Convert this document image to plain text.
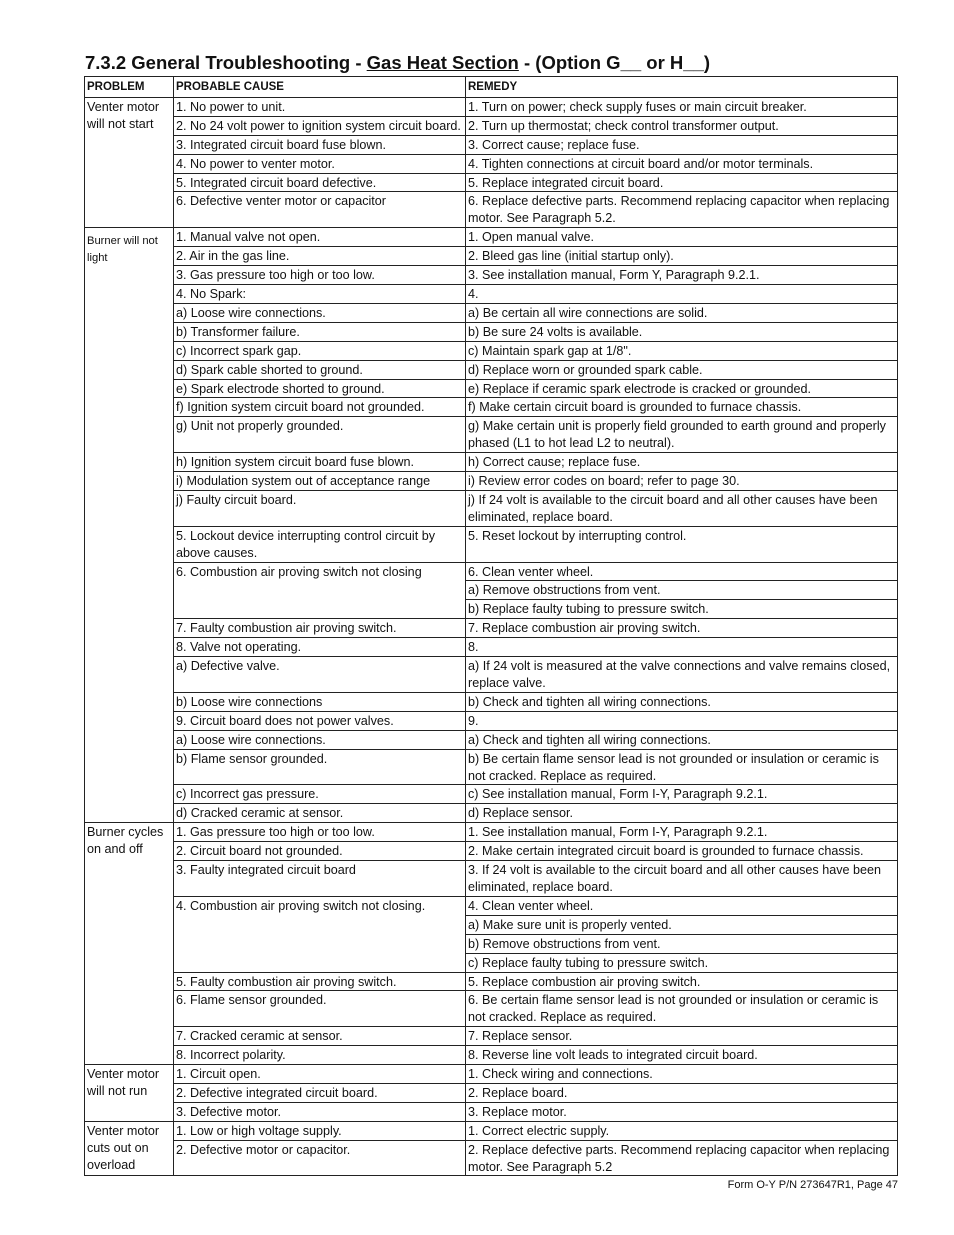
7.3.2 General Troubleshooting - Gas Heat Section - (Option G__ or H__)
PROBLEM	PROBABLE CAUSE	REMEDY
Venter motor will not start	1. No power to unit.	1. Turn on power; check supply fuses or main circuit breaker.
	2. No 24 volt power to ignition system circuit board.	2. Turn up thermostat; check control transformer output.
	3. Integrated circuit board fuse blown.	3. Correct cause; replace fuse.
	4. No power to venter motor.	4. Tighten connections at circuit board and/or motor terminals.
	5. Integrated circuit board defective.	5. Replace integrated circuit board.
	6. Defective venter motor or capacitor	6. Replace defective parts. Recommend replacing capacitor when replacing motor. See Paragraph 5.2.
Burner will not light	1. Manual valve not open.	1. Open manual valve.
	2. Air in the gas line.	2. Bleed gas line (initial startup only).
	3. Gas pressure too high or too low.	3. See installation manual, Form Y, Paragraph 9.2.1.
	4. No Spark:	4.
	a) Loose wire connections.	a) Be certain all wire connections are solid.
	b) Transformer failure.	b) Be sure 24 volts is available.
	c) Incorrect spark gap.	c) Maintain spark gap at 1/8".
	d) Spark cable shorted to ground.	d) Replace worn or grounded spark cable.
	e) Spark electrode shorted to ground.	e) Replace if ceramic spark electrode is cracked or grounded.
	f) Ignition system circuit board not grounded.	f) Make certain circuit board is grounded to furnace chassis.
	g) Unit not properly grounded.	g) Make certain unit is properly field grounded to earth ground and properly phased (L1 to hot lead L2 to neutral).
	h) Ignition system circuit board fuse blown.	h) Correct cause; replace fuse.
	i) Modulation system out of acceptance range	i) Review error codes on board; refer to page 30.
	j) Faulty circuit board.	j) If 24 volt is available to the circuit board and all other causes have been eliminated, replace board.
	5. Lockout device interrupting control circuit by above causes.	5. Reset lockout by interrupting control.
	6. Combustion air proving switch not closing	6. Clean venter wheel.
		a) Remove obstructions from vent.
		b) Replace faulty tubing to pressure switch.
	7. Faulty combustion air proving switch.	7. Replace combustion air proving switch.
	8. Valve not operating.	8.
	a) Defective valve.	a) If 24 volt is measured at the valve connections and valve remains closed, replace valve.
	b) Loose wire connections	b) Check and tighten all wiring connections.
	9. Circuit board does not power valves.	9.
	a) Loose wire connections.	a) Check and tighten all wiring connections.
	b) Flame sensor grounded.	b) Be certain flame sensor lead is not grounded or insulation or ceramic is not cracked. Replace as required.
	c) Incorrect gas pressure.	c) See installation manual, Form I-Y, Paragraph 9.2.1.
	d) Cracked ceramic at sensor.	d) Replace sensor.
Burner cycles on and off	1. Gas pressure too high or too low.	1. See installation manual, Form I-Y, Paragraph 9.2.1.
	2. Circuit board not grounded.	2. Make certain integrated circuit board is grounded to furnace chassis.
	3. Faulty integrated circuit board	3. If 24 volt is available to the circuit board and all other causes have been eliminated, replace board.
	4. Combustion air proving switch not closing.	4. Clean venter wheel.
		a) Make sure unit is properly vented.
		b) Remove obstructions from vent.
		c) Replace faulty tubing to pressure switch.
	5. Faulty combustion air proving switch.	5. Replace combustion air proving switch.
	6. Flame sensor grounded.	6. Be certain flame sensor lead is not grounded or insulation or ceramic is not cracked. Replace as required.
	7. Cracked ceramic at sensor.	7. Replace sensor.
	8. Incorrect polarity.	8. Reverse line volt leads to integrated circuit board.
Venter motor will not run	1. Circuit open.	1. Check wiring and connections.
	2. Defective integrated circuit board.	2. Replace board.
	3. Defective motor.	3. Replace motor.
Venter motor cuts out on overload	1. Low or high voltage supply.	1. Correct electric supply.
	2. Defective motor or capacitor.	2. Replace defective parts. Recommend replacing capacitor when replacing motor. See Paragraph 5.2
Form O-Y P/N 273647R1, Page 47
